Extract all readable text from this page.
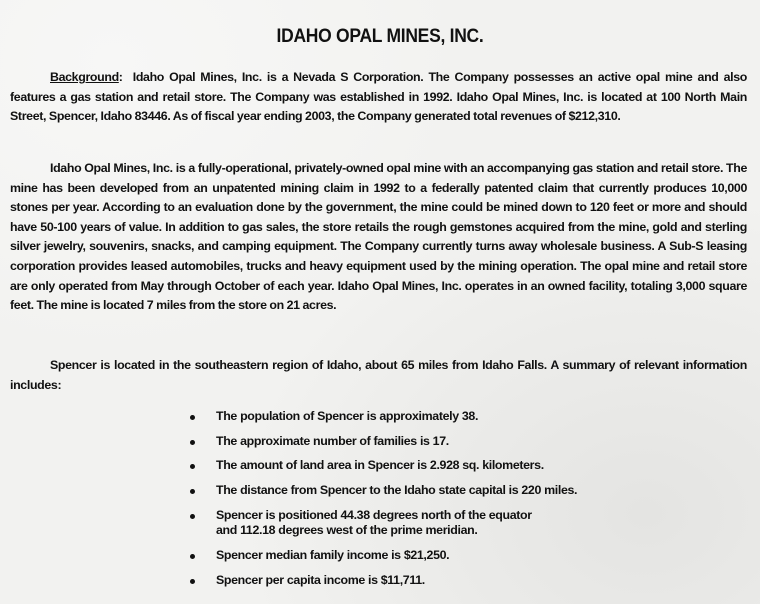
IDAHO OPAL MINES, INC.
Background: Idaho Opal Mines, Inc. is a Nevada S Corporation. The Company possesses an active opal mine and also features a gas station and retail store. The Company was established in 1992. Idaho Opal Mines, Inc. is located at 100 North Main Street, Spencer, Idaho 83446. As of fiscal year ending 2003, the Company generated total revenues of $212,310.
Idaho Opal Mines, Inc. is a fully-operational, privately-owned opal mine with an accompanying gas station and retail store. The mine has been developed from an unpatented mining claim in 1992 to a federally patented claim that currently produces 10,000 stones per year. According to an evaluation done by the government, the mine could be mined down to 120 feet or more and should have 50-100 years of value. In addition to gas sales, the store retails the rough gemstones acquired from the mine, gold and sterling silver jewelry, souvenirs, snacks, and camping equipment. The Company currently turns away wholesale business. A Sub-S leasing corporation provides leased automobiles, trucks and heavy equipment used by the mining operation. The opal mine and retail store are only operated from May through October of each year. Idaho Opal Mines, Inc. operates in an owned facility, totaling 3,000 square feet. The mine is located 7 miles from the store on 21 acres.
Spencer is located in the southeastern region of Idaho, about 65 miles from Idaho Falls. A summary of relevant information includes:
The population of Spencer is approximately 38.
The approximate number of families is 17.
The amount of land area in Spencer is 2.928 sq. kilometers.
The distance from Spencer to the Idaho state capital is 220 miles.
Spencer is positioned 44.38 degrees north of the equator
and 112.18 degrees west of the prime meridian.
Spencer median family income is $21,250.
Spencer per capita income is $11,711.
